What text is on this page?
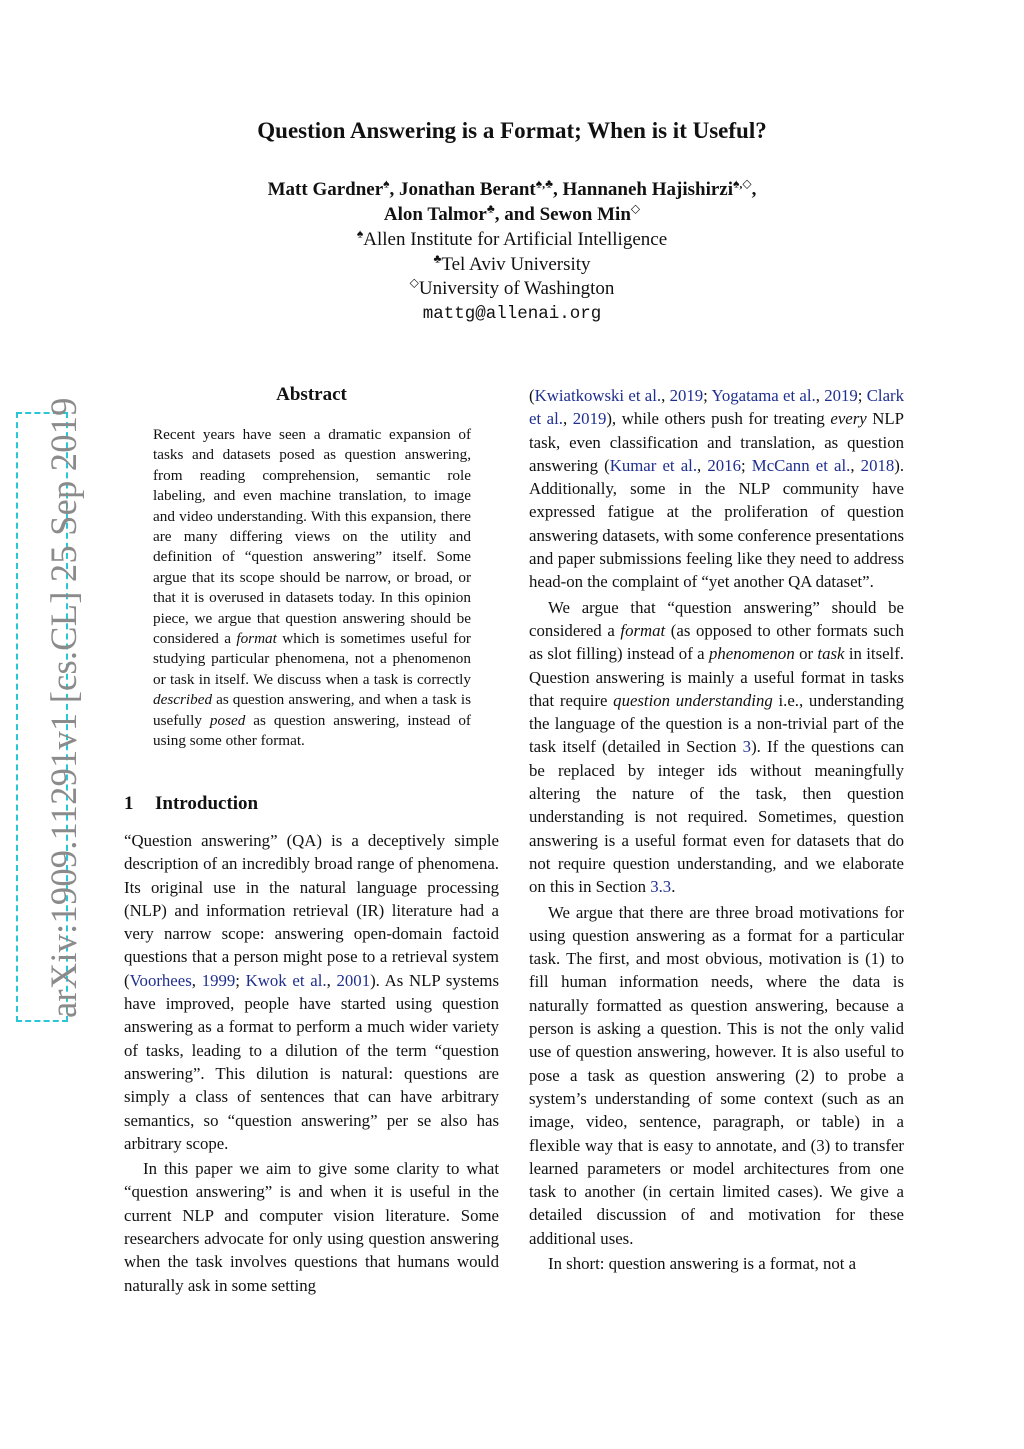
arXiv:1909.11291v1 [cs.CL] 25 Sep 2019
Question Answering is a Format; When is it Useful?
Matt Gardner♠, Jonathan Berant♠,♣, Hannaneh Hajishirzi♠,◇,
Alon Talmor♣, and Sewon Min◇
♠Allen Institute for Artificial Intelligence
♣Tel Aviv University
◇University of Washington
mattg@allenai.org
Abstract
Recent years have seen a dramatic expansion of tasks and datasets posed as question answering, from reading comprehension, semantic role labeling, and even machine translation, to image and video understanding. With this expansion, there are many differing views on the utility and definition of “question answering” itself. Some argue that its scope should be narrow, or broad, or that it is overused in datasets today. In this opinion piece, we argue that question answering should be considered a format which is sometimes useful for studying particular phenomena, not a phenomenon or task in itself. We discuss when a task is correctly described as question answering, and when a task is usefully posed as question answering, instead of using some other format.
1 Introduction

“Question answering” (QA) is a deceptively simple description of an incredibly broad range of phenomena. Its original use in the natural language processing (NLP) and information retrieval (IR) literature had a very narrow scope: answering open-domain factoid questions that a person might pose to a retrieval system (Voorhees, 1999; Kwok et al., 2001). As NLP systems have improved, people have started using question answering as a format to perform a much wider variety of tasks, leading to a dilution of the term “question answering”. This dilution is natural: questions are simply a class of sentences that can have arbitrary semantics, so “question answering” per se also has arbitrary scope.

In this paper we aim to give some clarity to what “question answering” is and when it is useful in the current NLP and computer vision literature. Some researchers advocate for only using question answering when the task involves questions that humans would naturally ask in some setting

(Kwiatkowski et al., 2019; Yogatama et al., 2019; Clark et al., 2019), while others push for treating every NLP task, even classification and translation, as question answering (Kumar et al., 2016; McCann et al., 2018). Additionally, some in the NLP community have expressed fatigue at the proliferation of question answering datasets, with some conference presentations and paper submissions feeling like they need to address head-on the complaint of “yet another QA dataset”.

We argue that “question answering” should be considered a format (as opposed to other formats such as slot filling) instead of a phenomenon or task in itself. Question answering is mainly a useful format in tasks that require question understanding i.e., understanding the language of the question is a non-trivial part of the task itself (detailed in Section 3). If the questions can be replaced by integer ids without meaningfully altering the nature of the task, then question understanding is not required. Sometimes, question answering is a useful format even for datasets that do not require question understanding, and we elaborate on this in Section 3.3.

We argue that there are three broad motivations for using question answering as a format for a particular task. The first, and most obvious, motivation is (1) to fill human information needs, where the data is naturally formatted as question answering, because a person is asking a question. This is not the only valid use of question answering, however. It is also useful to pose a task as question answering (2) to probe a system’s understanding of some context (such as an image, video, sentence, paragraph, or table) in a flexible way that is easy to annotate, and (3) to transfer learned parameters or model architectures from one task to another (in certain limited cases). We give a detailed discussion of and motivation for these additional uses.

In short: question answering is a format, not a
